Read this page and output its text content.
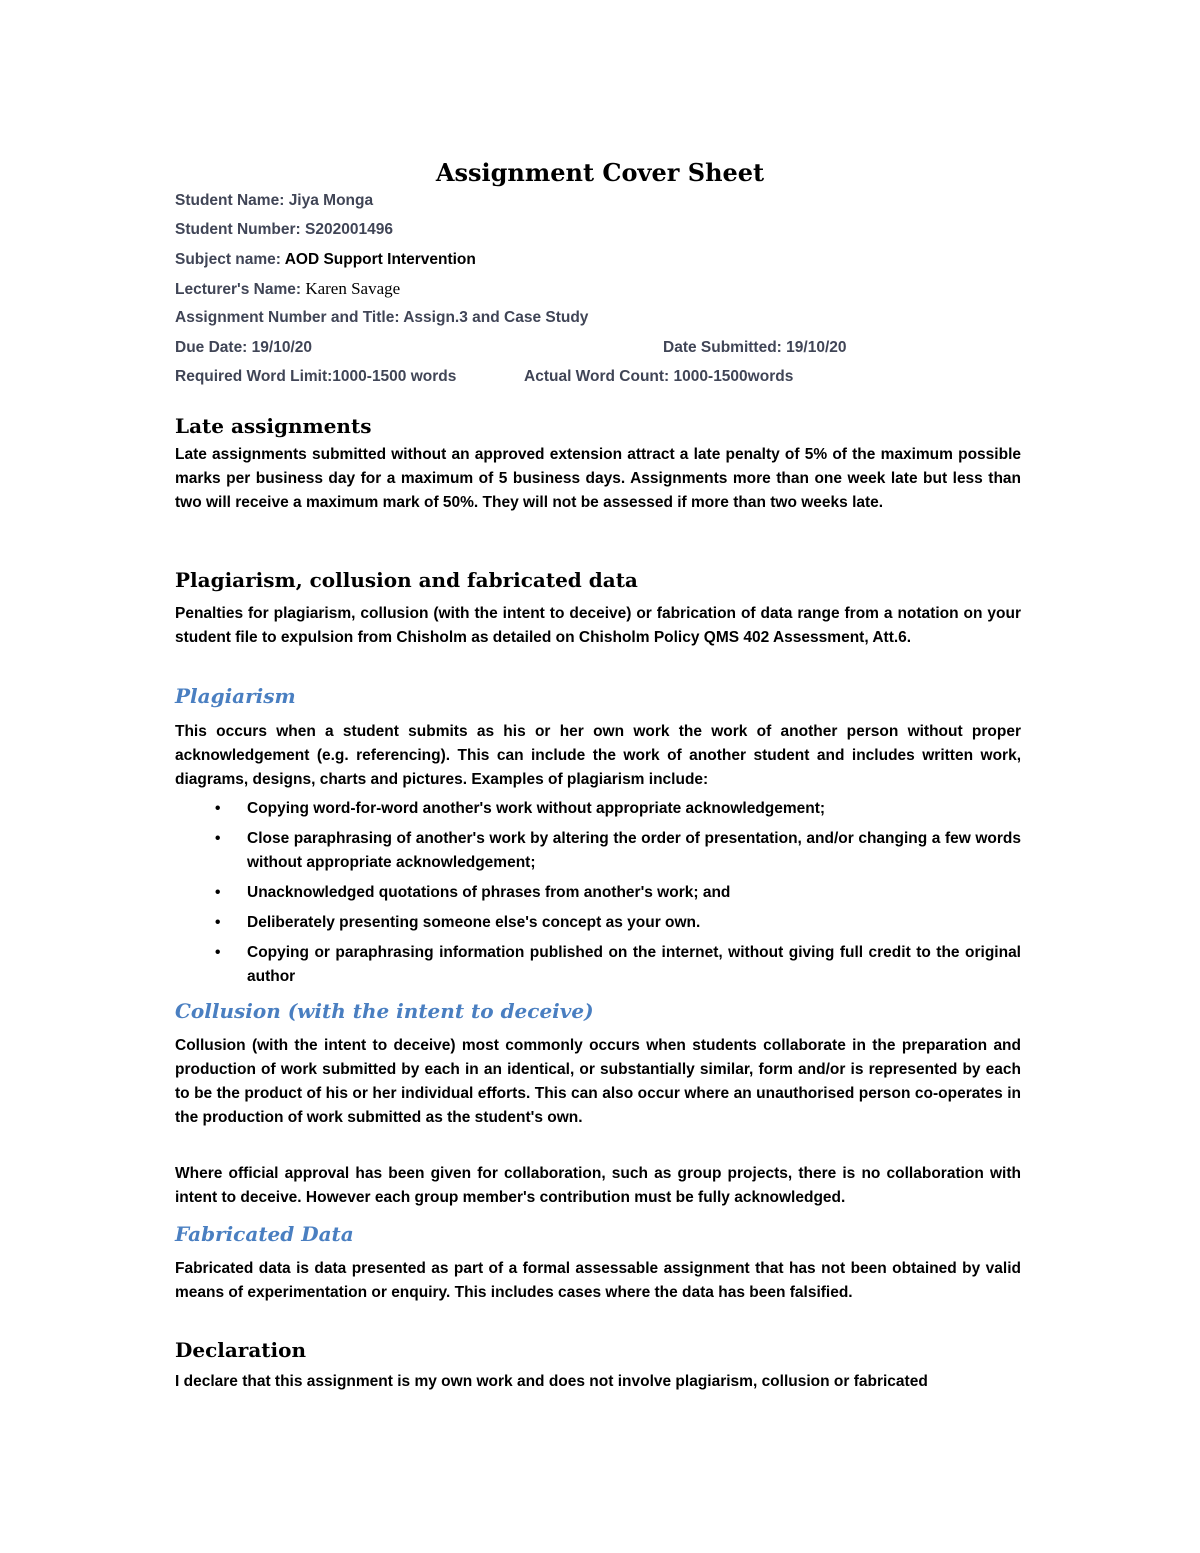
Assignment Cover Sheet
Student Name: Jiya Monga
Student Number: S202001496
Subject name: AOD Support Intervention
Lecturer's Name: Karen Savage
Assignment Number and Title: Assign.3 and Case Study
Due Date: 19/10/20	Date Submitted: 19/10/20
Required Word Limit:1000-1500 words	Actual Word Count: 1000-1500words
Late assignments
Late assignments submitted without an approved extension attract a late penalty of 5% of the maximum possible marks per business day for a maximum of 5 business days. Assignments more than one week late but less than two will receive a maximum mark of 50%. They will not be assessed if more than two weeks late.
Plagiarism, collusion and fabricated data
Penalties for plagiarism, collusion (with the intent to deceive) or fabrication of data range from a notation on your student file to expulsion from Chisholm as detailed on Chisholm Policy QMS 402 Assessment, Att.6.
Plagiarism
This occurs when a student submits as his or her own work the work of another person without proper acknowledgement (e.g. referencing). This can include the work of another student and includes written work, diagrams, designs, charts and pictures. Examples of plagiarism include:
• Copying word-for-word another's work without appropriate acknowledgement;
• Close paraphrasing of another's work by altering the order of presentation, and/or changing a few words without appropriate acknowledgement;
• Unacknowledged quotations of phrases from another's work; and
• Deliberately presenting someone else's concept as your own.
• Copying or paraphrasing information published on the internet, without giving full credit to the original author
Collusion (with the intent to deceive)
Collusion (with the intent to deceive) most commonly occurs when students collaborate in the preparation and production of work submitted by each in an identical, or substantially similar, form and/or is represented by each to be the product of his or her individual efforts. This can also occur where an unauthorised person co-operates in the production of work submitted as the student's own.
Where official approval has been given for collaboration, such as group projects, there is no collaboration with intent to deceive. However each group member's contribution must be fully acknowledged.
Fabricated Data
Fabricated data is data presented as part of a formal assessable assignment that has not been obtained by valid means of experimentation or enquiry. This includes cases where the data has been falsified.
Declaration
I declare that this assignment is my own work and does not involve plagiarism, collusion or fabricated
